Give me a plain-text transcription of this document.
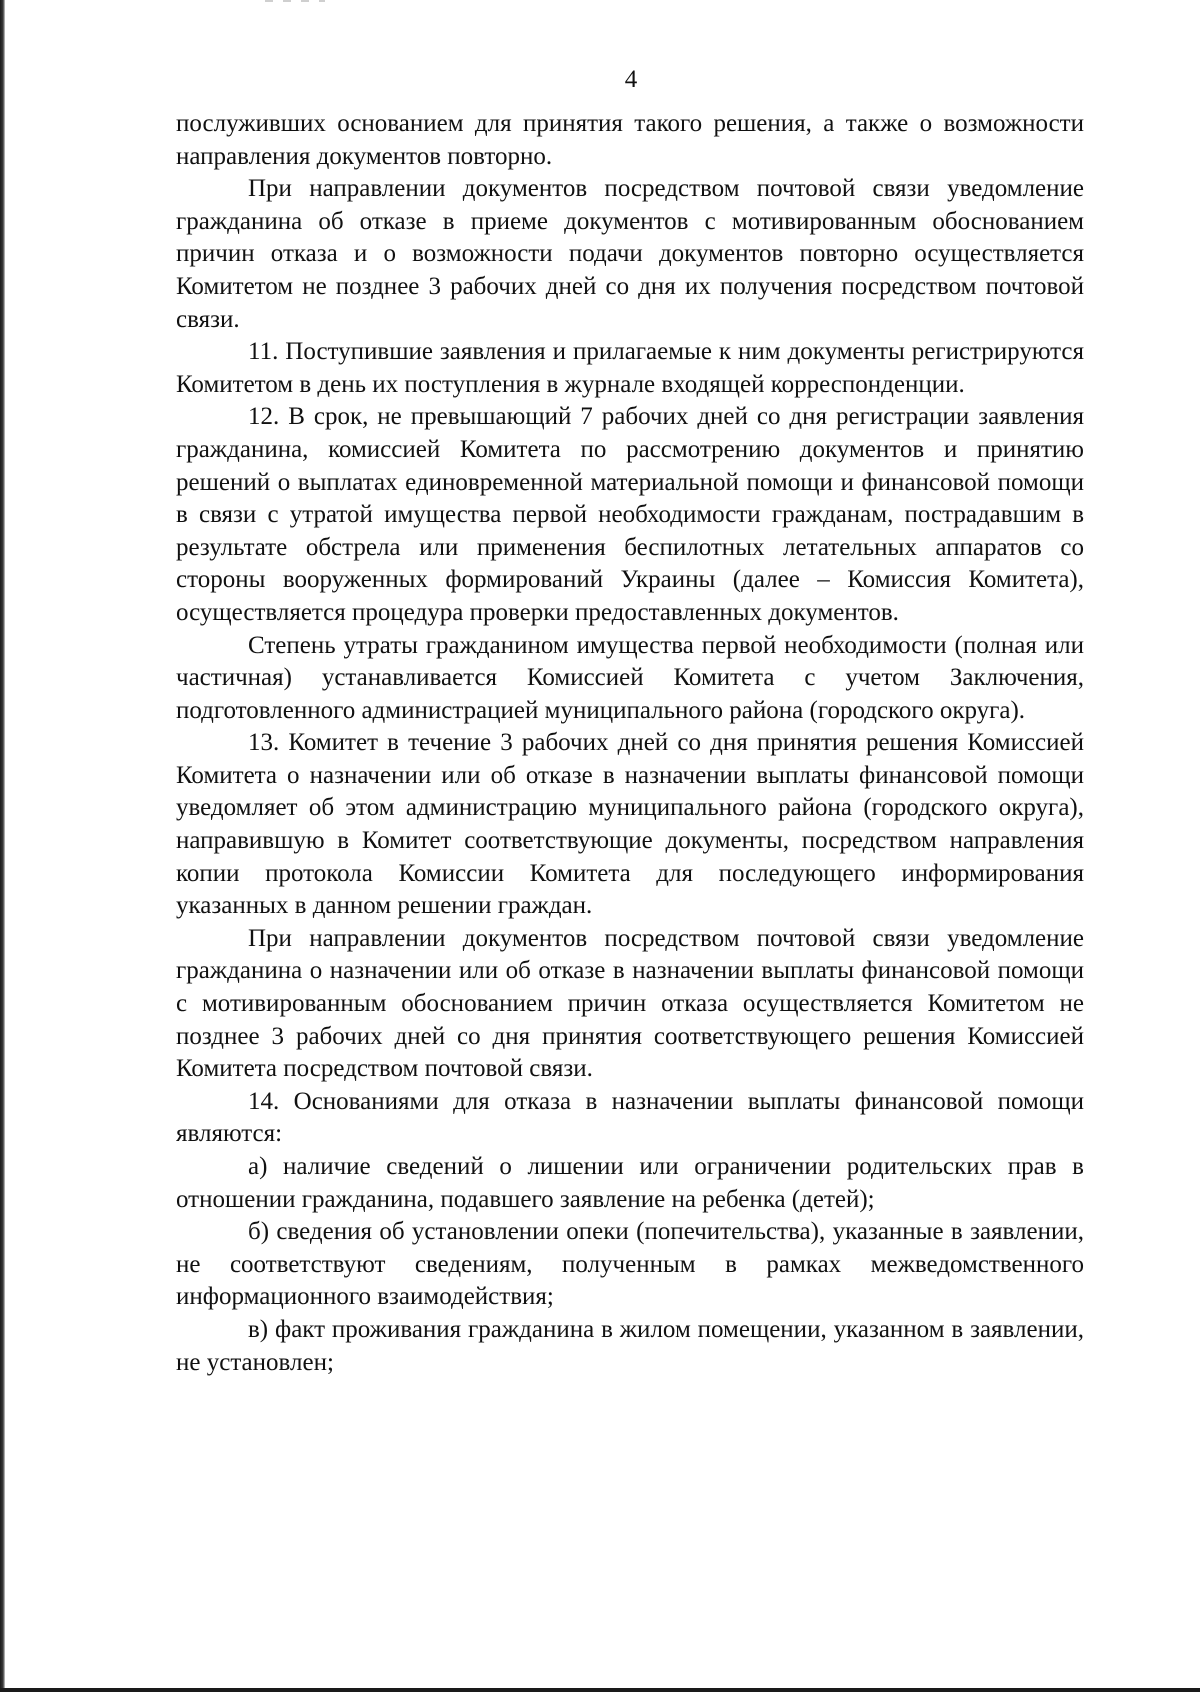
4

послуживших основанием для принятия такого решения, а также о возможности направления документов повторно.

При направлении документов посредством почтовой связи уведомление гражданина об отказе в приеме документов с мотивированным обоснованием причин отказа и о возможности подачи документов повторно осуществляется Комитетом не позднее 3 рабочих дней со дня их получения посредством почтовой связи.

11. Поступившие заявления и прилагаемые к ним документы регистрируются Комитетом в день их поступления в журнале входящей корреспонденции.

12. В срок, не превышающий 7 рабочих дней со дня регистрации заявления гражданина, комиссией Комитета по рассмотрению документов и принятию решений о выплатах единовременной материальной помощи и финансовой помощи в связи с утратой имущества первой необходимости гражданам, пострадавшим в результате обстрела или применения беспилотных летательных аппаратов со стороны вооруженных формирований Украины (далее – Комиссия Комитета), осуществляется процедура проверки предоставленных документов.

Степень утраты гражданином имущества первой необходимости (полная или частичная) устанавливается Комиссией Комитета с учетом Заключения, подготовленного администрацией муниципального района (городского округа).

13. Комитет в течение 3 рабочих дней со дня принятия решения Комиссией Комитета о назначении или об отказе в назначении выплаты финансовой помощи уведомляет об этом администрацию муниципального района (городского округа), направившую в Комитет соответствующие документы, посредством направления копии протокола Комиссии Комитета для последующего информирования указанных в данном решении граждан.

При направлении документов посредством почтовой связи уведомление гражданина о назначении или об отказе в назначении выплаты финансовой помощи с мотивированным обоснованием причин отказа осуществляется Комитетом не позднее 3 рабочих дней со дня принятия соответствующего решения Комиссией Комитета посредством почтовой связи.

14. Основаниями для отказа в назначении выплаты финансовой помощи являются:

а) наличие сведений о лишении или ограничении родительских прав в отношении гражданина, подавшего заявление на ребенка (детей);

б) сведения об установлении опеки (попечительства), указанные в заявлении, не соответствуют сведениям, полученным в рамках межведомственного информационного взаимодействия;

в) факт проживания гражданина в жилом помещении, указанном в заявлении, не установлен;
